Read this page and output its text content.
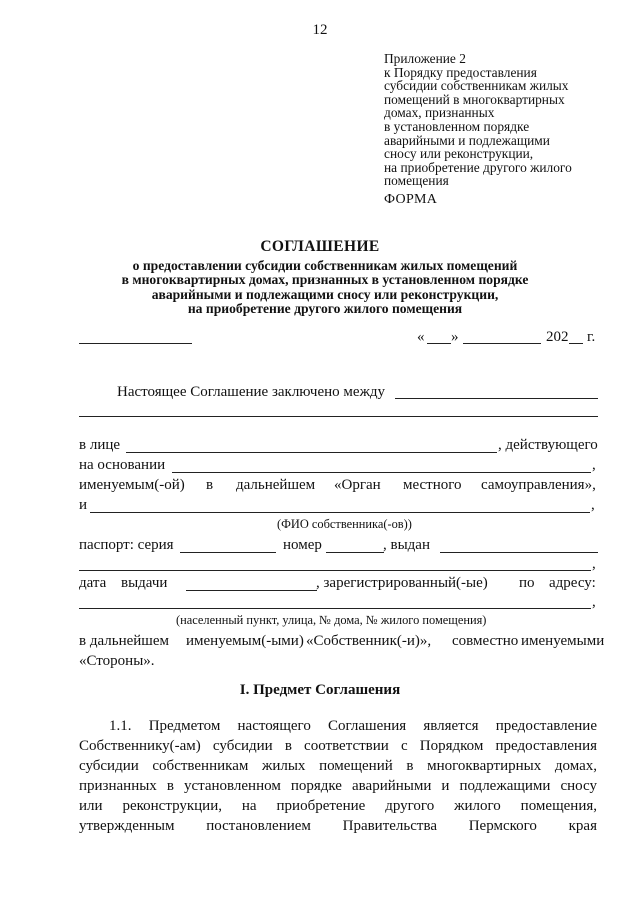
12
Приложение 2
к Порядку предоставления
субсидии собственникам жилых
помещений в многоквартирных
домах, признанных
в установленном порядке
аварийными и подлежащими
сносу или реконструкции,
на приобретение другого жилого
помещения
ФОРМА
СОГЛАШЕНИЕ
о предоставлении субсидии собственникам жилых помещений
в многоквартирных домах, признанных в установленном порядке
аварийными и подлежащими сносу или реконструкции,
на приобретение другого жилого помещения
« »	202 г.
Настоящее Соглашение заключено между
в лице	, действующего
на основании	,
именуемым(-ой) в дальнейшем «Орган местного самоуправления»,
и	,
(ФИО собственника(-ов))
паспорт: серия	номер	, выдан
,
дата выдачи	, зарегистрированный(-ые) по адресу:
,
(населенный пункт, улица, № дома, № жилого помещения)
в дальнейшем именуемым(-ыми) «Собственник(-и)», совместно именуемыми
«Стороны».
I. Предмет Соглашения
1.1. Предметом настоящего Соглашения является предоставление
Собственнику(-ам) субсидии в соответствии с Порядком предоставления
субсидии собственникам жилых помещений в многоквартирных домах,
признанных в установленном порядке аварийными и подлежащими сносу
или реконструкции, на приобретение другого жилого помещения,
утвержденным постановлением Правительства Пермского края
